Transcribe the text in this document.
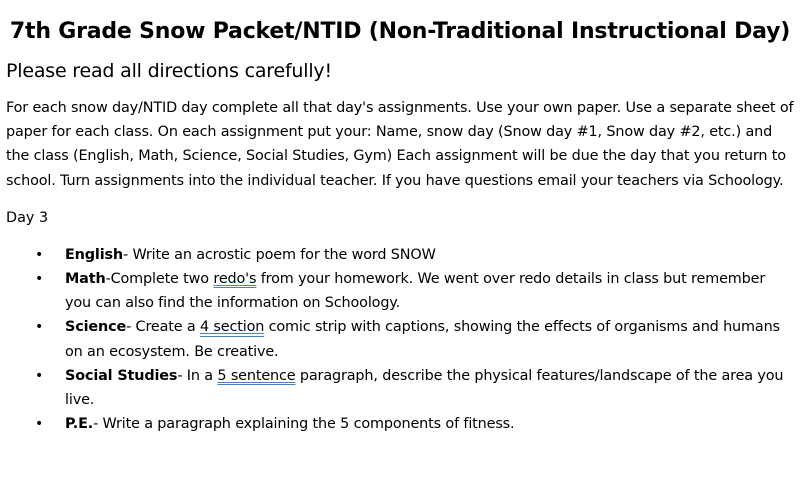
7th Grade Snow Packet/NTID (Non-Traditional Instructional Day)

Please read all directions carefully!

For each snow day/NTID day complete all that day's assignments. Use your own paper. Use a separate sheet of paper for each class. On each assignment put your: Name, snow day (Snow day #1, Snow day #2, etc.) and the class (English, Math, Science, Social Studies, Gym) Each assignment will be due the day that you return to school. Turn assignments into the individual teacher. If you have questions email your teachers via Schoology.

Day 3

• English- Write an acrostic poem for the word SNOW
• Math-Complete two redo's from your homework. We went over redo details in class but remember you can also find the information on Schoology.
• Science- Create a 4 section comic strip with captions, showing the effects of organisms and humans on an ecosystem. Be creative.
• Social Studies- In a 5 sentence paragraph, describe the physical features/landscape of the area you live.
• P.E.- Write a paragraph explaining the 5 components of fitness.
